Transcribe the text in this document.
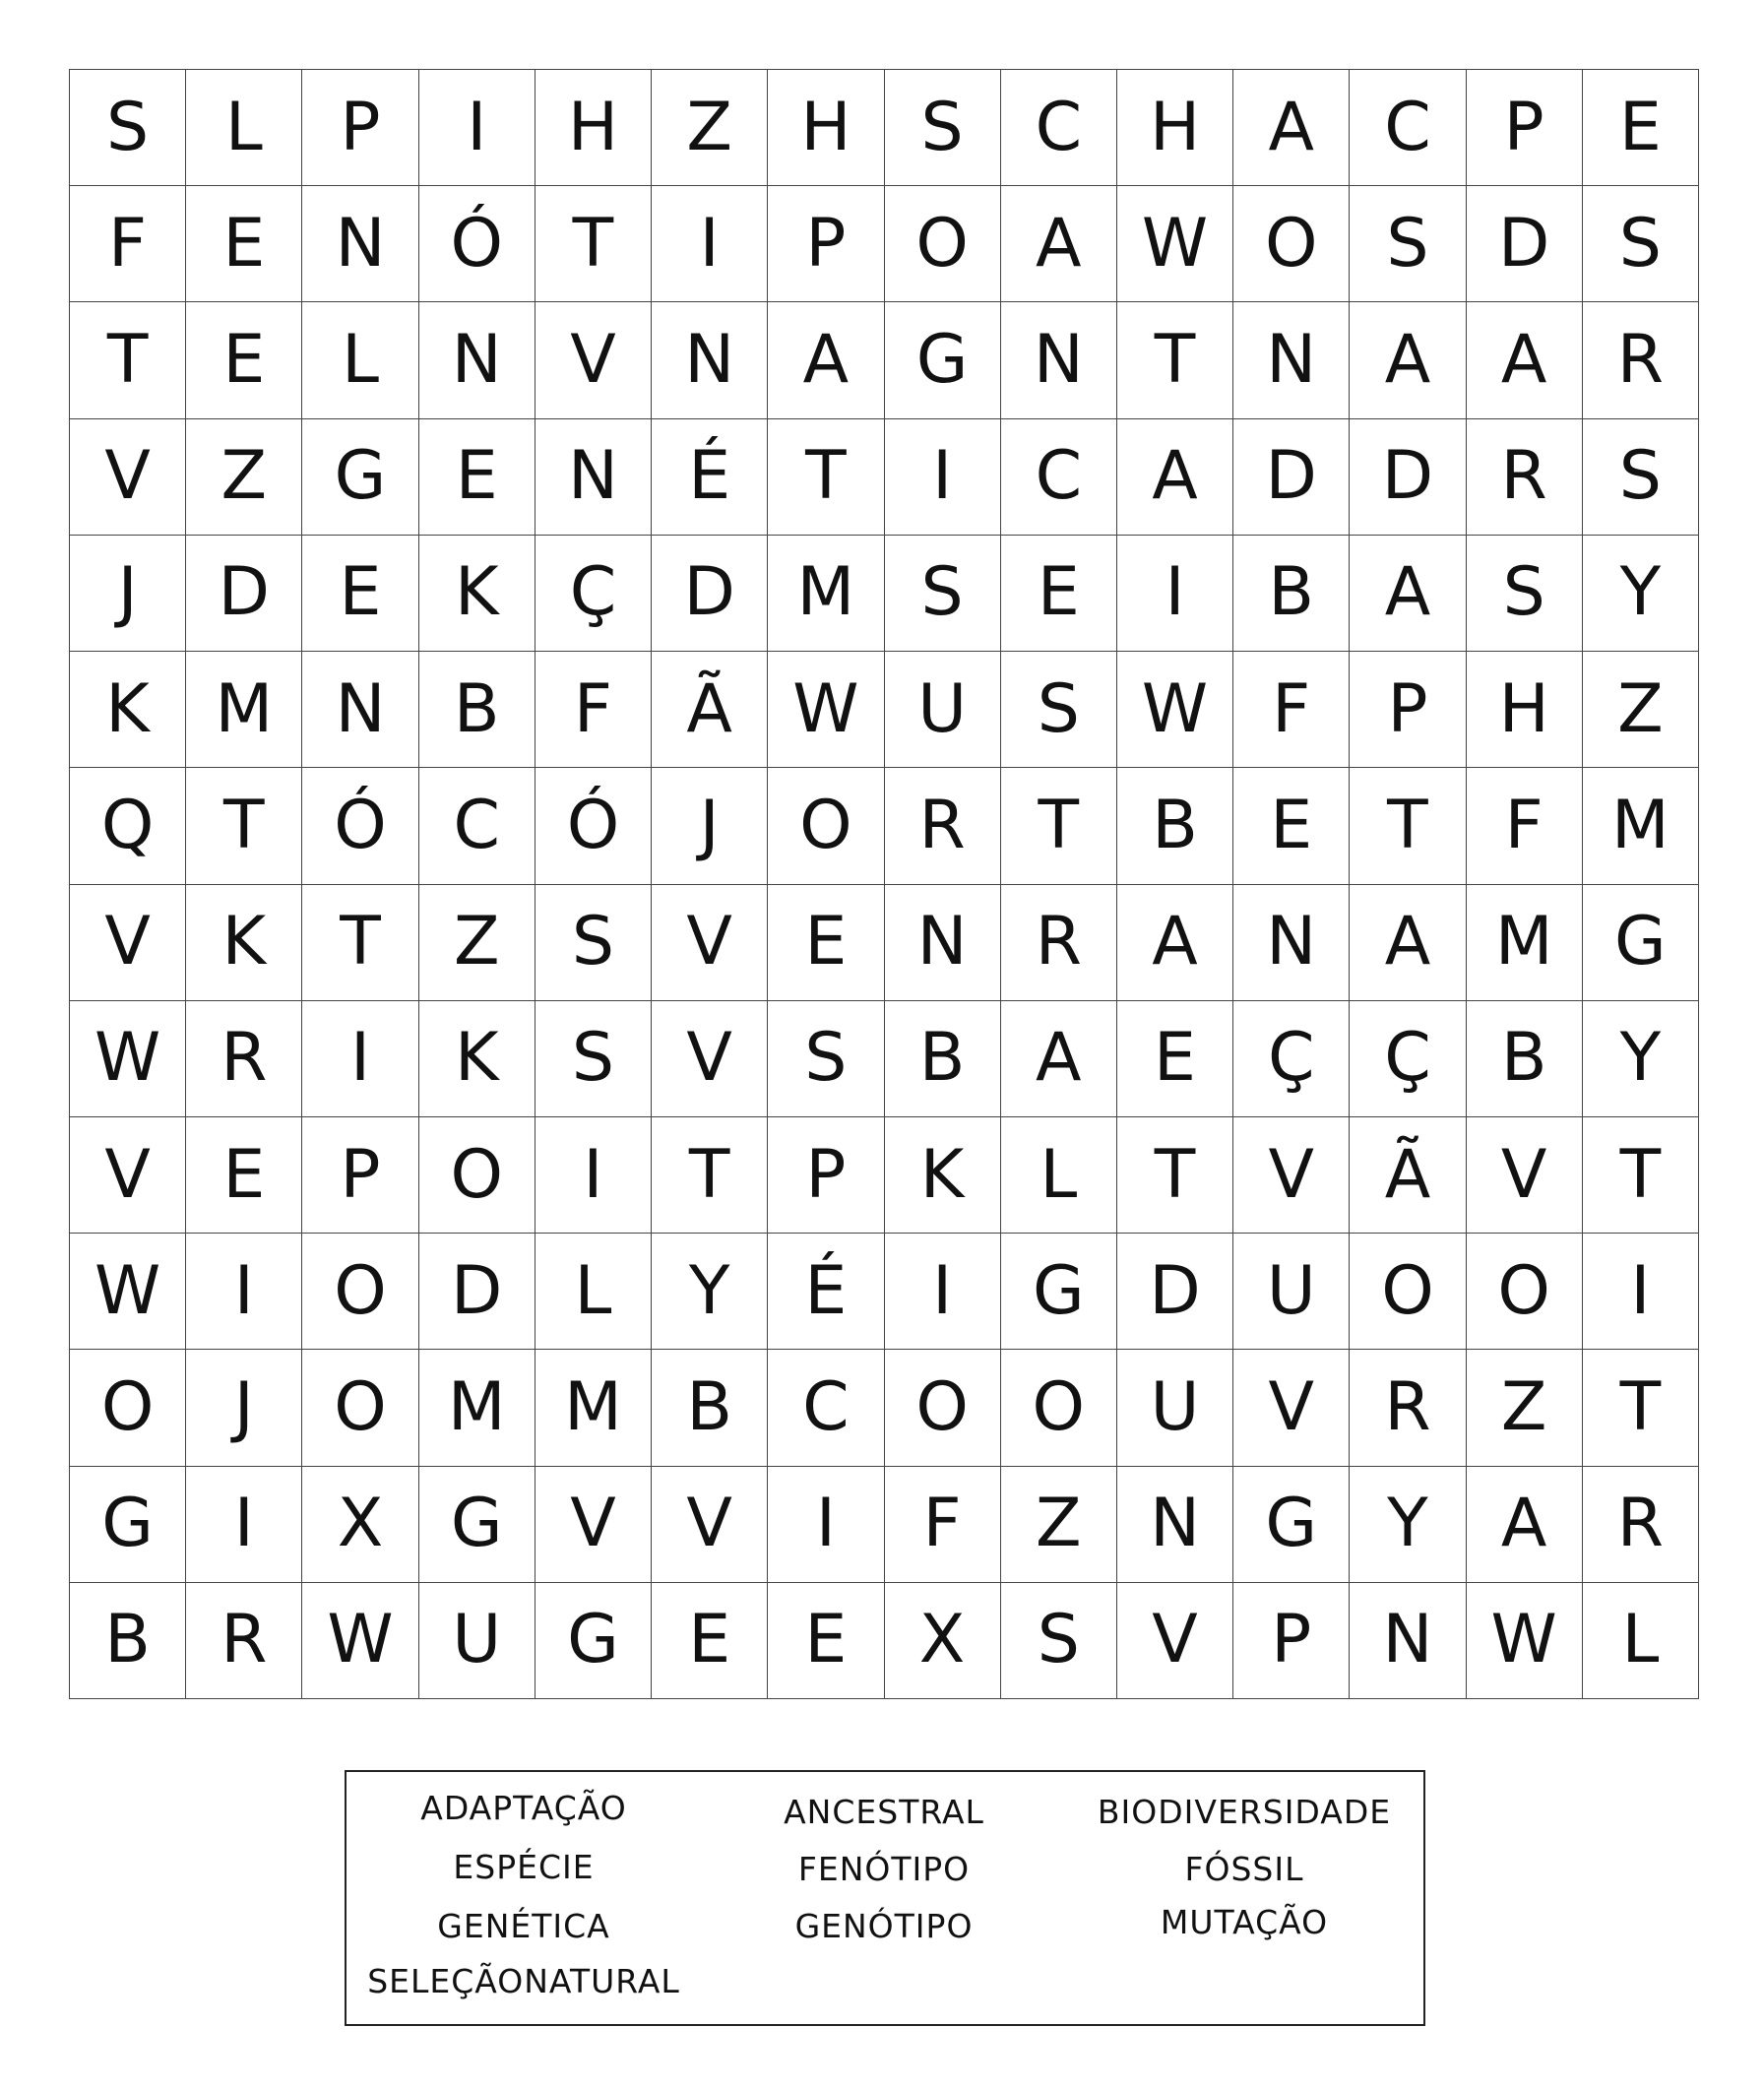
S	L	P	I	H	Z	H	S	C	H	A	C	P	E
F	E	N Ó	T	I	P	O	A W O	S	D	S
T	E	L	N	V	N	A	G N	T	N	A	A	R
V	Z	G	E	N	É	T	I	C	A	D D	R	S
J	D	E	K	Ç	D M S	E	I	B	A	S	Y
K M N	B	F	Ã W U	S W F	P	H	Z
Q	T	Ó C Ó	J	O R	T	B	E	T	F	M
V	K	T	Z	S	V	E	N	R	A	N	A M G
W R	I	K	S	V	S	B	A	E	Ç	Ç	B	Y
V	E	P	O	I	T	P	K	L	T	V	Ã	V	T
W	I	O D	L	Y	É	I	G D U O O	I
O	J	O M M B	C O O U	V	R	Z	T
G	I	X	G	V	V	I	F	Z	N G	Y	A	R
B	R W U G	E	E	X	S	V	P	N W L
ADAPTAÇÃO
ESPÉCIE
GENÉTICA
SELEÇÃONATURAL
ANCESTRAL
FENÓTIPO
GENÓTIPO
BIODIVERSIDADE
FÓSSIL
MUTAÇÃO
